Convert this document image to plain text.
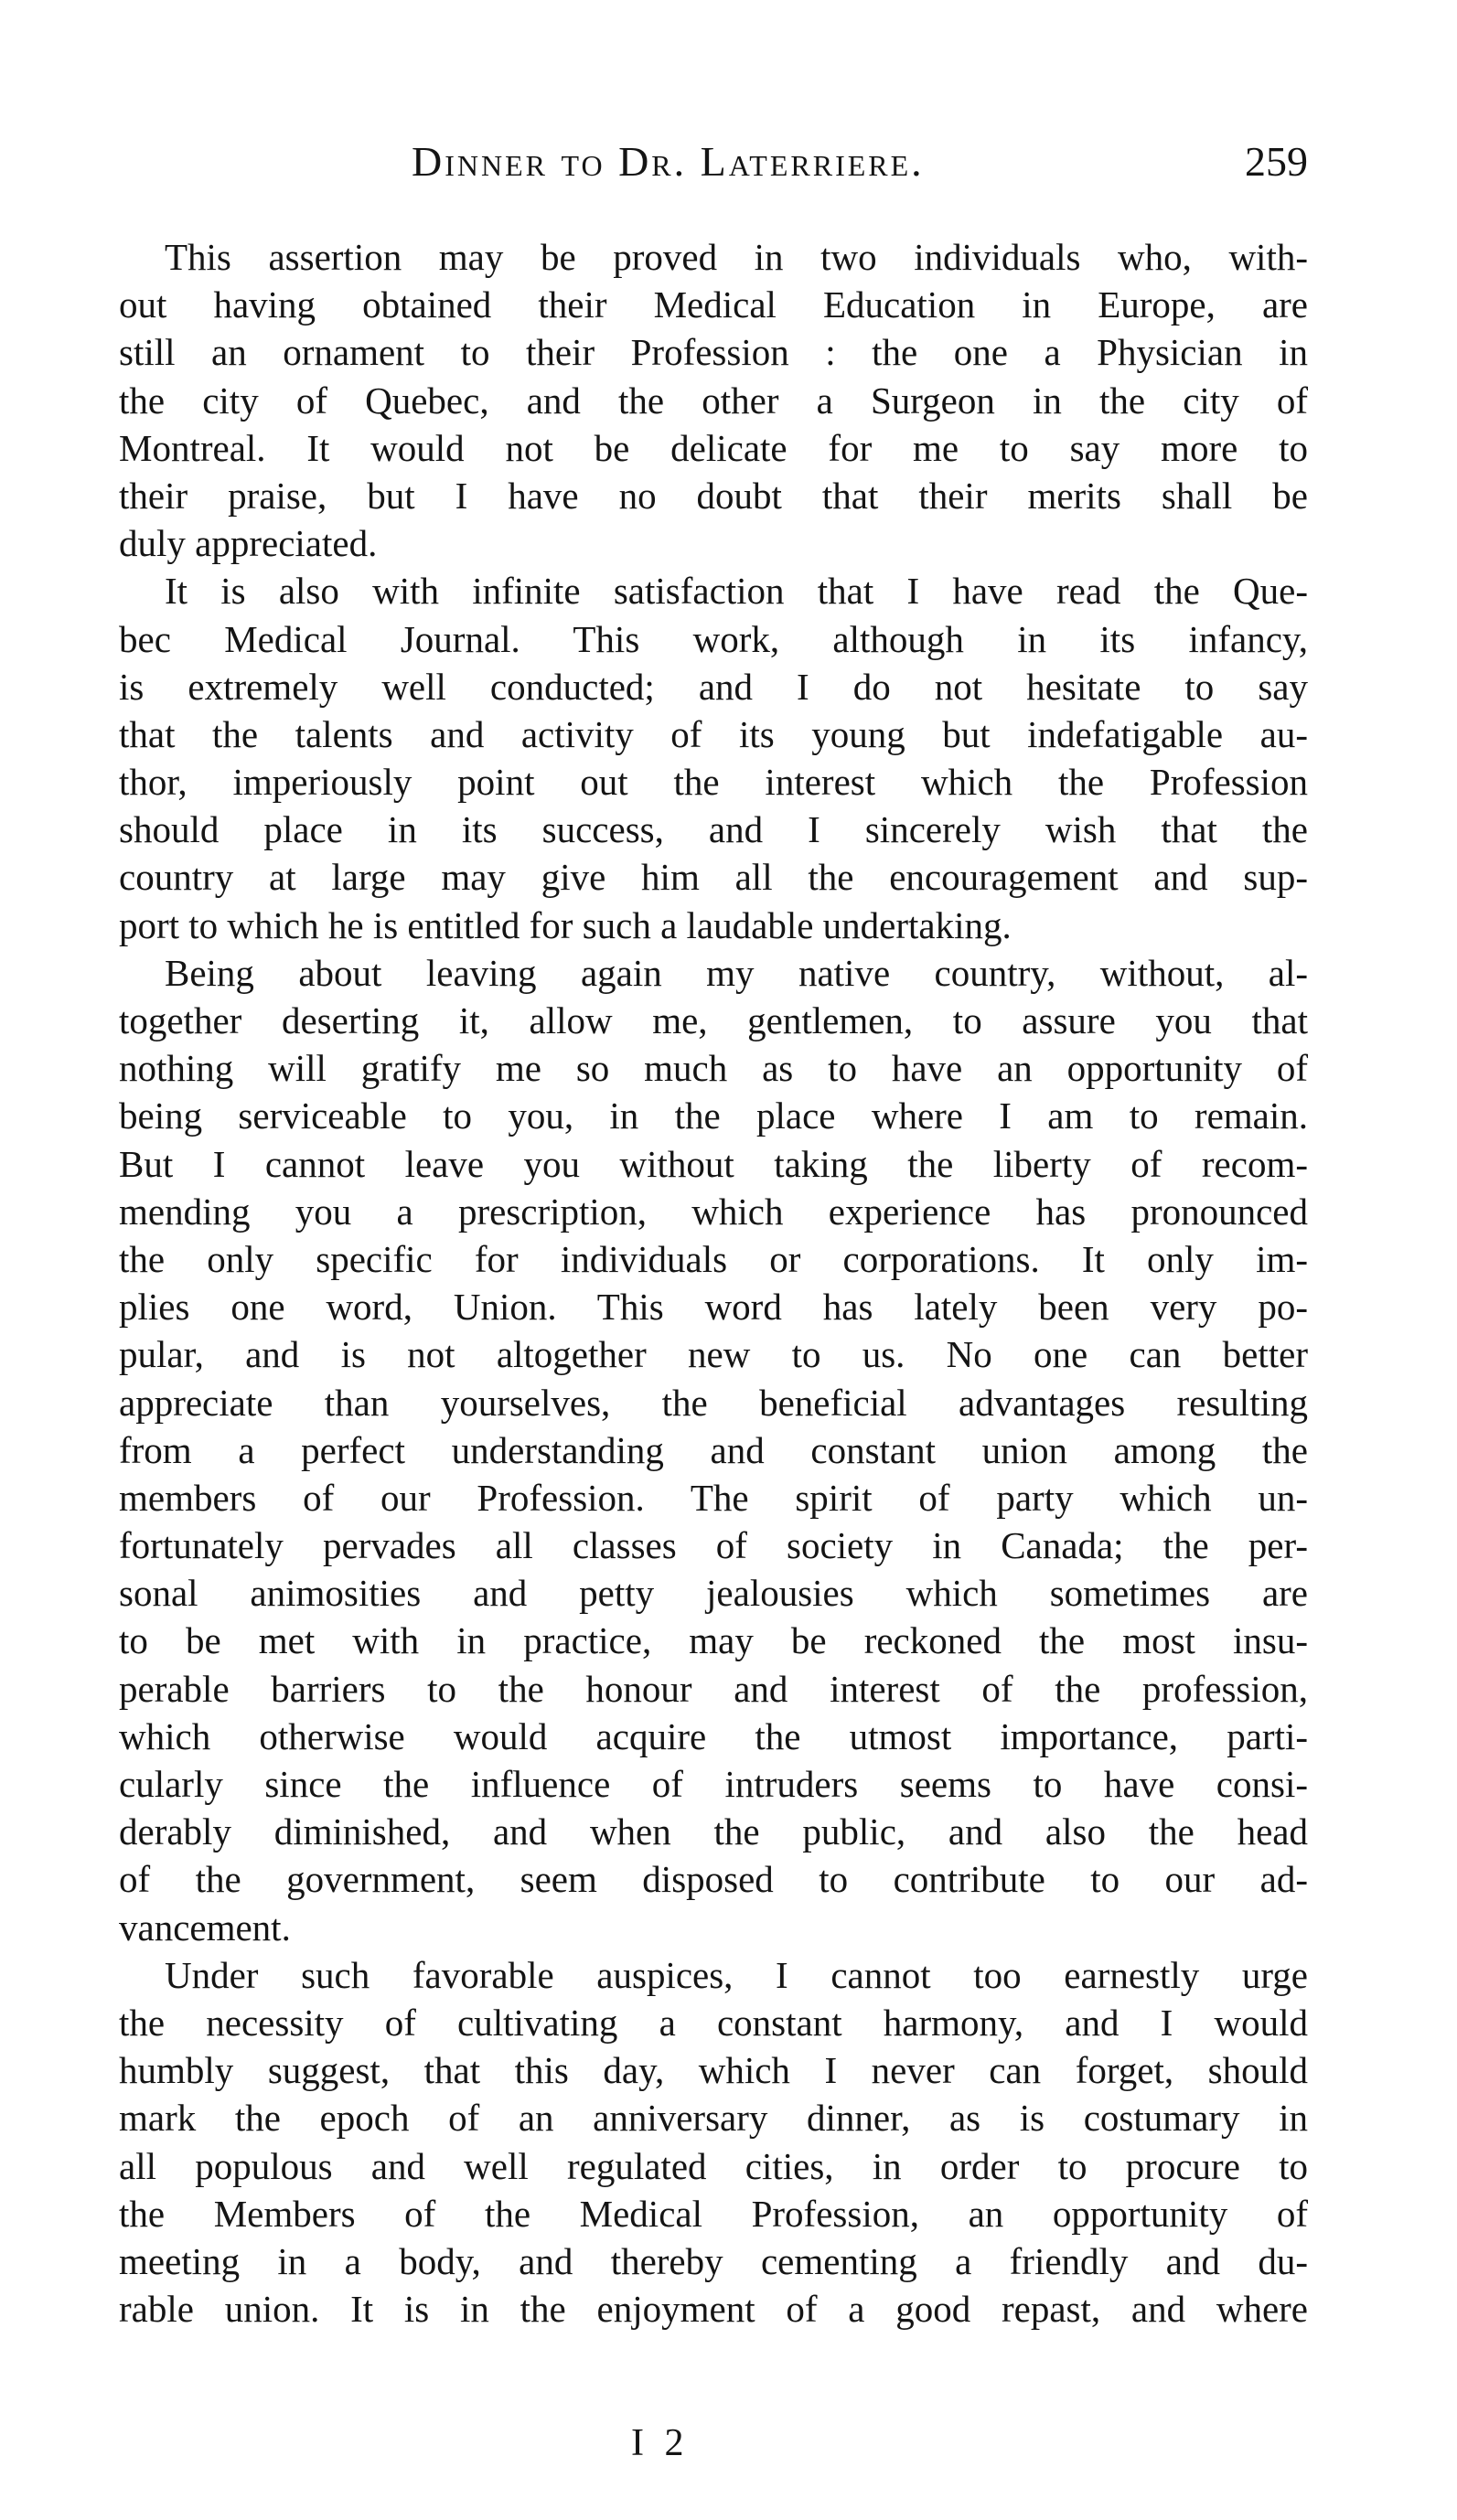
Dinner to Dr. Laterriere.	259
This assertion may be proved in two individuals who, with-
out having obtained their Medical Education in Europe, are
still an ornament to their Profession : the one a Physician in
the city of Quebec, and the other a Surgeon in the city of
Montreal. It would not be delicate for me to say more to
their praise, but I have no doubt that their merits shall be
duly appreciated.
It is also with infinite satisfaction that I have read the Que-
bec Medical Journal. This work, although in its infancy,
is extremely well conducted; and I do not hesitate to say
that the talents and activity of its young but indefatigable au-
thor, imperiously point out the interest which the Profession
should place in its success, and I sincerely wish that the
country at large may give him all the encouragement and sup-
port to which he is entitled for such a laudable undertaking.
Being about leaving again my native country, without, al-
together deserting it, allow me, gentlemen, to assure you that
nothing will gratify me so much as to have an opportunity of
being serviceable to you, in the place where I am to remain.
But I cannot leave you without taking the liberty of recom-
mending you a prescription, which experience has pronounced
the only specific for individuals or corporations. It only im-
plies one word, Union. This word has lately been very po-
pular, and is not altogether new to us. No one can better
appreciate than yourselves, the beneficial advantages resulting
from a perfect understanding and constant union among the
members of our Profession. The spirit of party which un-
fortunately pervades all classes of society in Canada; the per-
sonal animosities and petty jealousies which sometimes are
to be met with in practice, may be reckoned the most insu-
perable barriers to the honour and interest of the profession,
which otherwise would acquire the utmost importance, parti-
cularly since the influence of intruders seems to have consi-
derably diminished, and when the public, and also the head
of the government, seem disposed to contribute to our ad-
vancement.
Under such favorable auspices, I cannot too earnestly urge
the necessity of cultivating a constant harmony, and I would
humbly suggest, that this day, which I never can forget, should
mark the epoch of an anniversary dinner, as is costumary in
all populous and well regulated cities, in order to procure to
the Members of the Medical Profession, an opportunity of
meeting in a body, and thereby cementing a friendly and du-
rable union. It is in the enjoyment of a good repast, and where
I 2
